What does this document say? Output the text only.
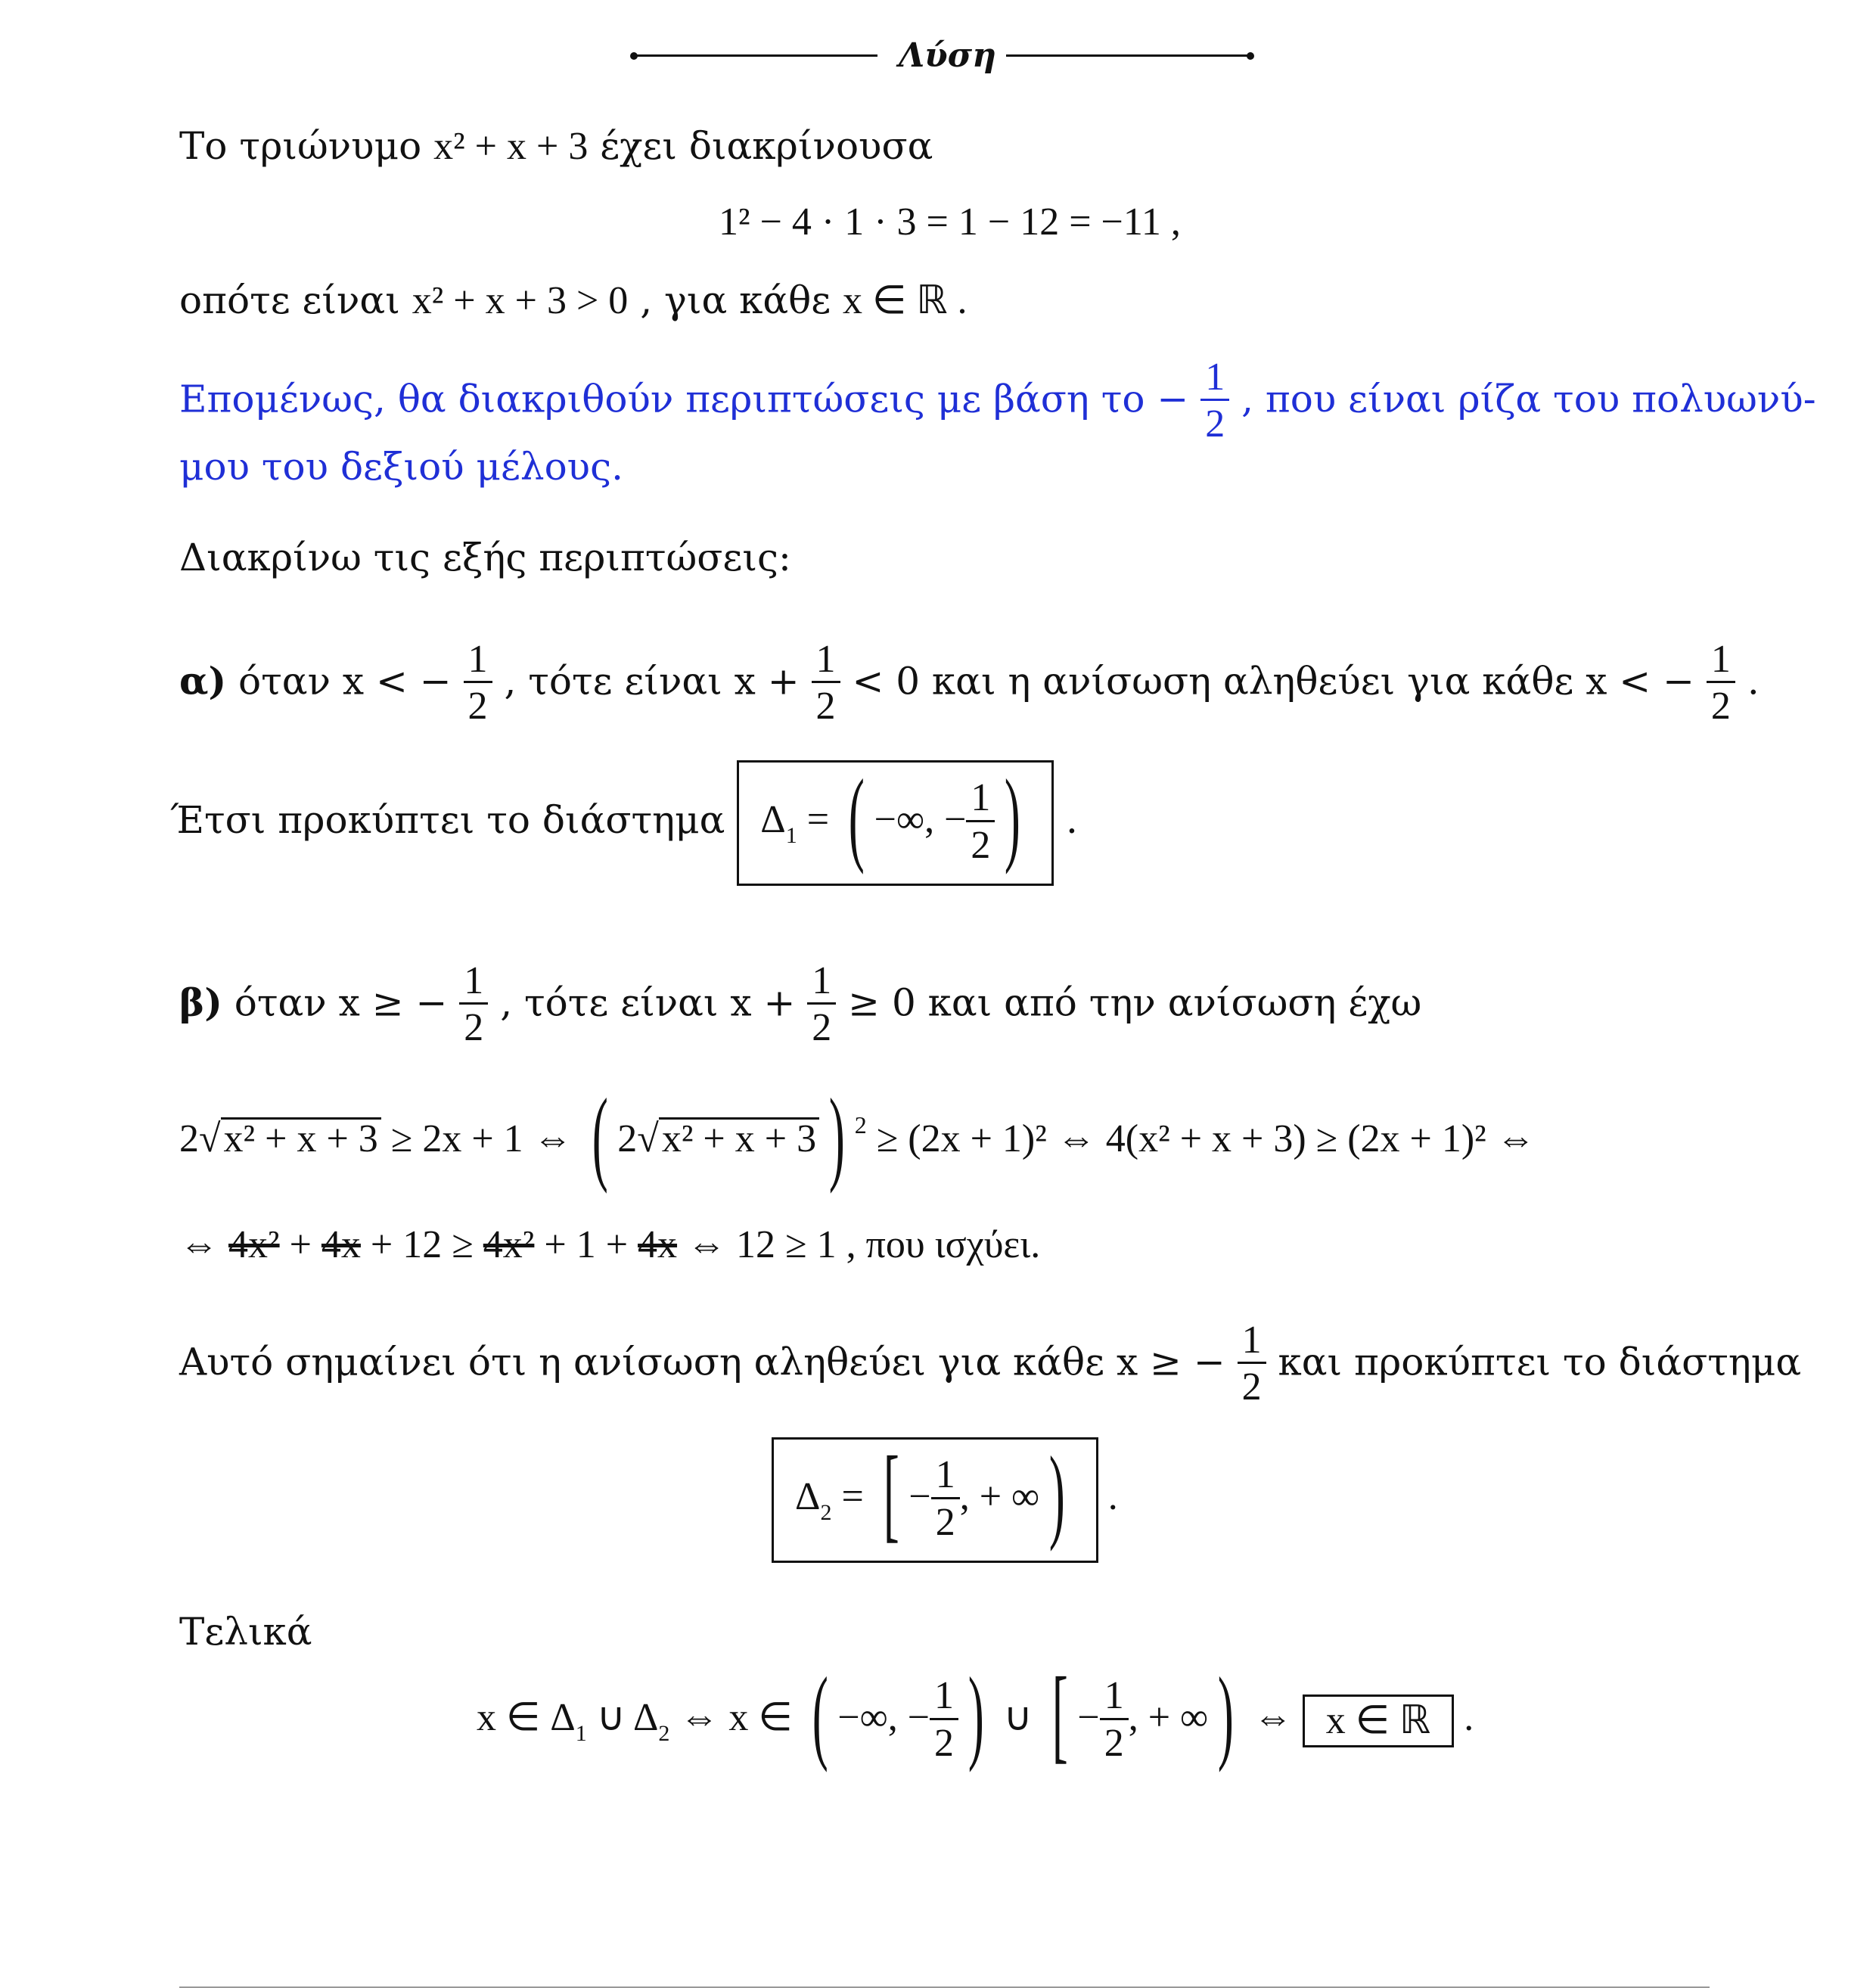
Λύση
Το τριώνυμο x² + x + 3 έχει διακρίνουσα
1² − 4 · 1 · 3 = 1 − 12 = −11 ,
οπότε είναι x² + x + 3 > 0 , για κάθε x ∈ ℝ .
Επομένως, θα διακριθούν περιπτώσεις με βάση $\tau o - \frac{1}{2}$ , που είναι ρίζα του πολυωνύ-
μου του δεξιού μέλους.
Διακρίνω τις εξής περιπτώσεις:
α) όταν x < − $\frac{1}{2}$ , τότε είναι $x + \frac{1}{2} < 0$ και η ανίσωση αληθεύει για κάθε x < − $\frac{1}{2}$ .
Έτσι προκύπτει το διάστημα $\Delta_1$ = ( −∞, − $\frac{1}{2}$ ) .
β) όταν x ≥ − $\frac{1}{2}$ , τότε είναι $x + \frac{1}{2} \ge 0$ και από την ανίσωση έχω
2√x² + x + 3 ≥ 2x + 1 ⇔ ( 2√x² + x + 3 ) $^2$ ≥ (2x + 1)² ⇔ 4(x² + x + 3) ≥ (2x + 1)² ⇔
⇔ 4x² + 4x + 12 ≥ 4x² + 1 + 4x ⇔ 12 ≥ 1 , που ισχύει.
Αυτό σημαίνει ότι η ανίσωση αληθεύει για κάθε x ≥ − $\frac{1}{2}$ και προκύπτει το διάστημα
$\Delta_2$ = [ − $\frac{1}{2}$ , + ∞) .
Τελικά
x ∈ $\Delta_1$ ∪ $\Delta_2$ ⇔ x ∈ ( −∞, − $\frac{1}{2}$ ) ∪ [ − $\frac{1}{2}$ , + ∞) ⇔ x ∈ ℝ .
